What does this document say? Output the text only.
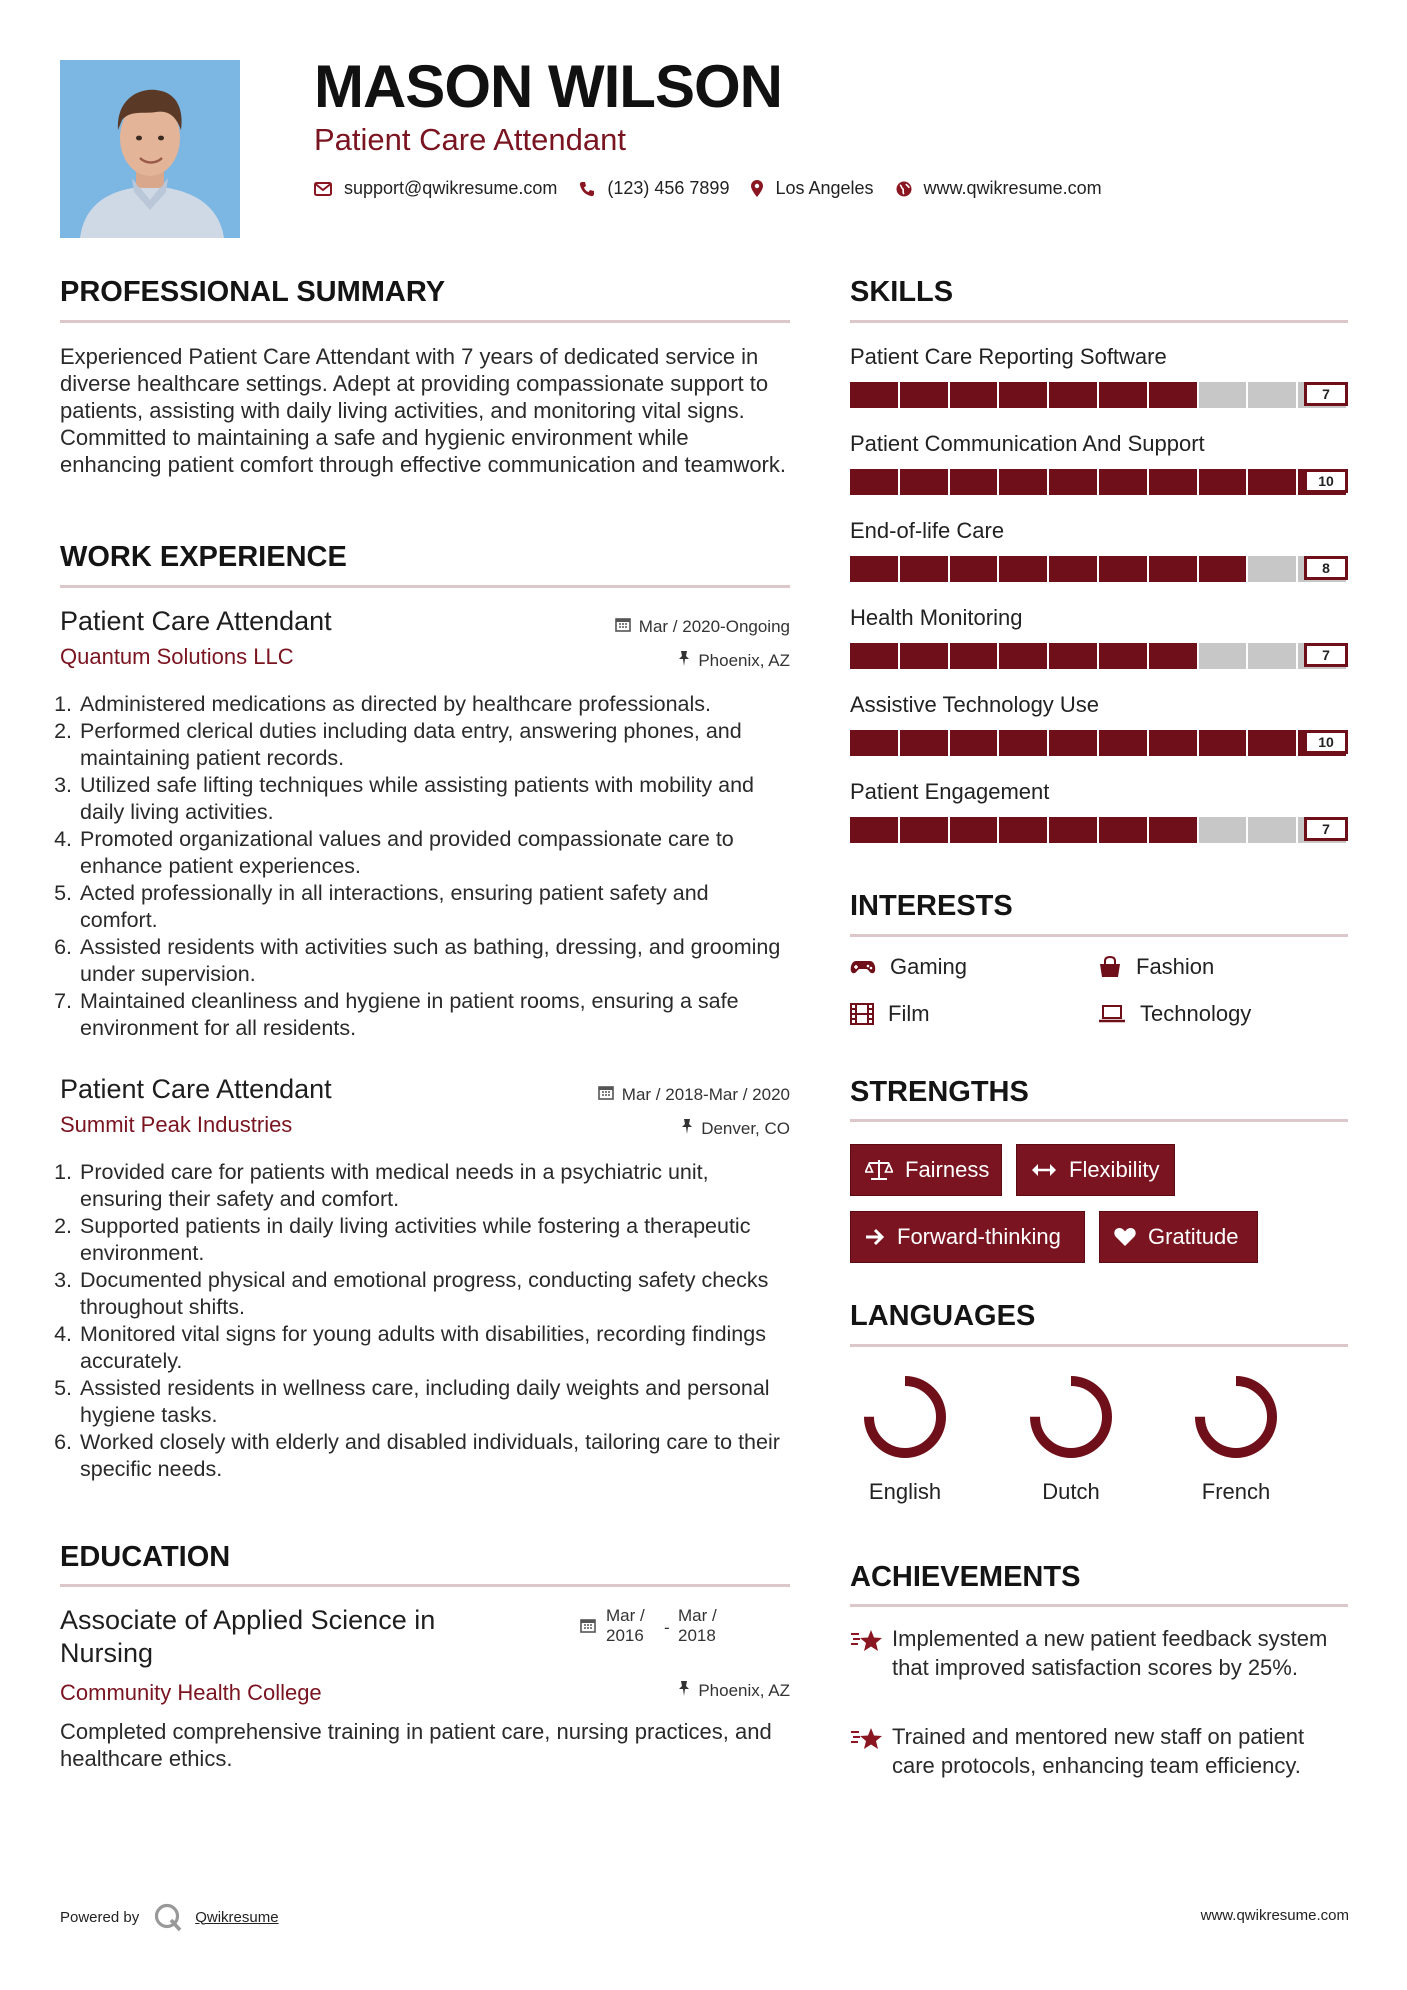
MASON WILSON
Patient Care Attendant
support@qwikresume.com	(123) 456 7899	Los Angeles	www.qwikresume.com
PROFESSIONAL SUMMARY
Experienced Patient Care Attendant with 7 years of dedicated service in diverse healthcare settings. Adept at providing compassionate support to patients, assisting with daily living activities, and monitoring vital signs. Committed to maintaining a safe and hygienic environment while enhancing patient comfort through effective communication and teamwork.
WORK EXPERIENCE
Patient Care Attendant
Quantum Solutions LLC
Mar / 2020-Ongoing
Phoenix, AZ
1. Administered medications as directed by healthcare professionals.
2. Performed clerical duties including data entry, answering phones, and maintaining patient records.
3. Utilized safe lifting techniques while assisting patients with mobility and daily living activities.
4. Promoted organizational values and provided compassionate care to enhance patient experiences.
5. Acted professionally in all interactions, ensuring patient safety and comfort.
6. Assisted residents with activities such as bathing, dressing, and grooming under supervision.
7. Maintained cleanliness and hygiene in patient rooms, ensuring a safe environment for all residents.
Patient Care Attendant
Summit Peak Industries
Mar / 2018-Mar / 2020
Denver, CO
1. Provided care for patients with medical needs in a psychiatric unit, ensuring their safety and comfort.
2. Supported patients in daily living activities while fostering a therapeutic environment.
3. Documented physical and emotional progress, conducting safety checks throughout shifts.
4. Monitored vital signs for young adults with disabilities, recording findings accurately.
5. Assisted residents in wellness care, including daily weights and personal hygiene tasks.
6. Worked closely with elderly and disabled individuals, tailoring care to their specific needs.
EDUCATION
Associate of Applied Science in
Nursing
Community Health College
Mar /
2016	-
Mar /
2018
Phoenix, AZ
Completed comprehensive training in patient care, nursing practices, and healthcare ethics.
SKILLS
Patient Care Reporting Software
7
Patient Communication And Support
10
End-of-life Care
8
Health Monitoring
7
Assistive Technology Use
10
Patient Engagement
7
INTERESTS
Gaming	Fashion
Film	Technology
STRENGTHS
Fairness	Flexibility
Forward-thinking	Gratitude
LANGUAGES
English	Dutch	French
ACHIEVEMENTS
Implemented a new patient feedback system that improved satisfaction scores by 25%.
Trained and mentored new staff on patient care protocols, enhancing team efficiency.
Powered by	Qwikresume	www.qwikresume.com
